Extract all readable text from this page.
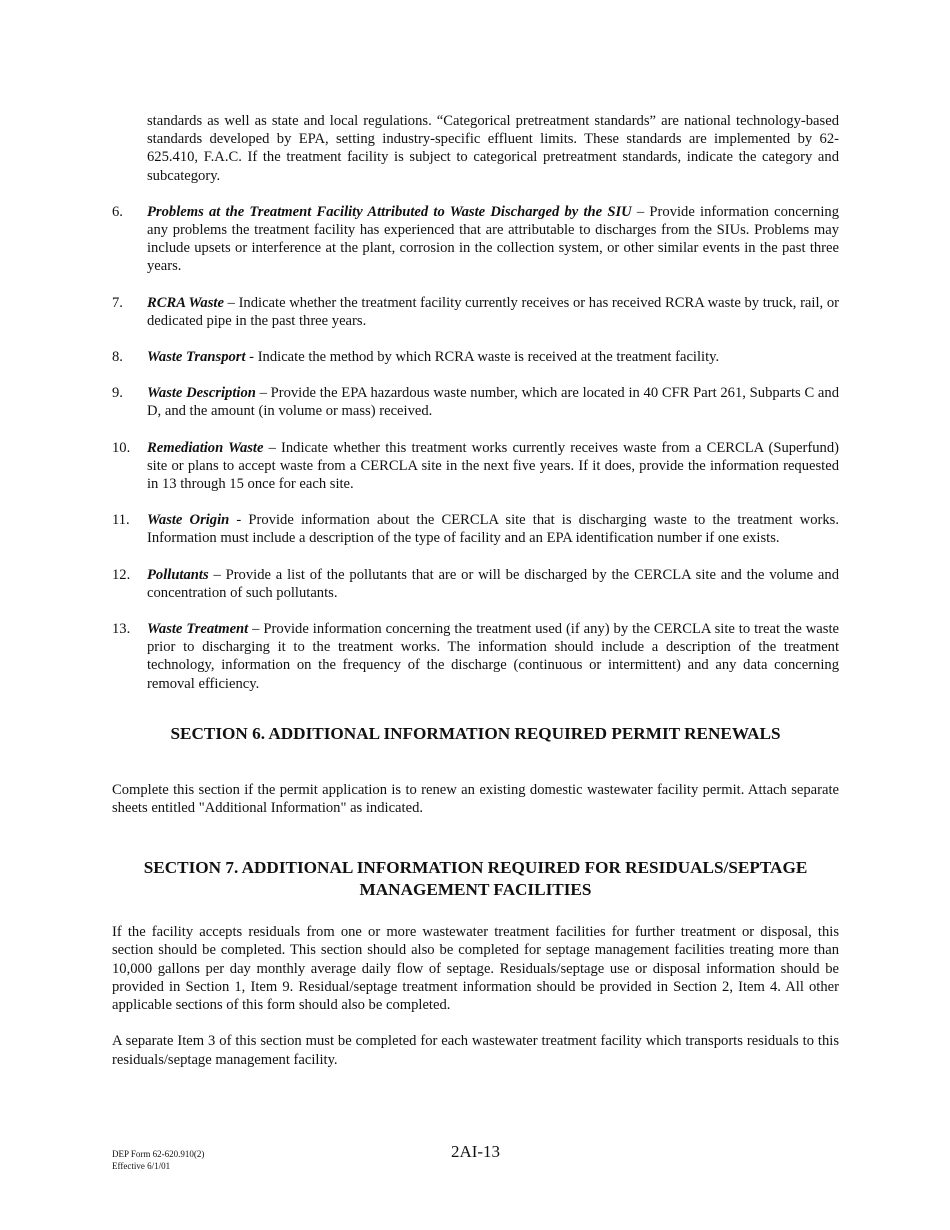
standards as well as state and local regulations. “Categorical pretreatment standards” are national technology-based standards developed by EPA, setting industry-specific effluent limits. These standards are implemented by 62-625.410, F.A.C. If the treatment facility is subject to categorical pretreatment standards, indicate the category and subcategory.

6.	Problems at the Treatment Facility Attributed to Waste Discharged by the SIU – Provide information concerning any problems the treatment facility has experienced that are attributable to discharges from the SIUs. Problems may include upsets or interference at the plant, corrosion in the collection system, or other similar events in the past three years.
7.	RCRA Waste – Indicate whether the treatment facility currently receives or has received RCRA waste by truck, rail, or dedicated pipe in the past three years.
8.	Waste Transport - Indicate the method by which RCRA waste is received at the treatment facility.
9.	Waste Description – Provide the EPA hazardous waste number, which are located in 40 CFR Part 261, Subparts C and D, and the amount (in volume or mass) received.
10.	Remediation Waste – Indicate whether this treatment works currently receives waste from a CERCLA (Superfund) site or plans to accept waste from a CERCLA site in the next five years. If it does, provide the information requested in 13 through 15 once for each site.
11.	Waste Origin - Provide information about the CERCLA site that is discharging waste to the treatment works. Information must include a description of the type of facility and an EPA identification number if one exists.
12.	Pollutants – Provide a list of the pollutants that are or will be discharged by the CERCLA site and the volume and concentration of such pollutants.
13.	Waste Treatment – Provide information concerning the treatment used (if any) by the CERCLA site to treat the waste prior to discharging it to the treatment works. The information should include a description of the treatment technology, information on the frequency of the discharge (continuous or intermittent) and any data concerning removal efficiency.
SECTION 6. ADDITIONAL INFORMATION REQUIRED PERMIT RENEWALS

Complete this section if the permit application is to renew an existing domestic wastewater facility permit. Attach separate sheets entitled "Additional Information" as indicated.

SECTION 7. ADDITIONAL INFORMATION REQUIRED FOR RESIDUALS/SEPTAGE
MANAGEMENT FACILITIES

If the facility accepts residuals from one or more wastewater treatment facilities for further treatment or disposal, this section should be completed. This section should also be completed for septage management facilities treating more than 10,000 gallons per day monthly average daily flow of septage. Residuals/septage use or disposal information should be provided in Section 1, Item 9. Residual/septage treatment information should be provided in Section 2, Item 4. All other applicable sections of this form should also be completed.

A separate Item 3 of this section must be completed for each wastewater treatment facility which transports residuals to this residuals/septage management facility.

DEP Form 62-620.910(2)
Effective 6/1/01
2AI-13
